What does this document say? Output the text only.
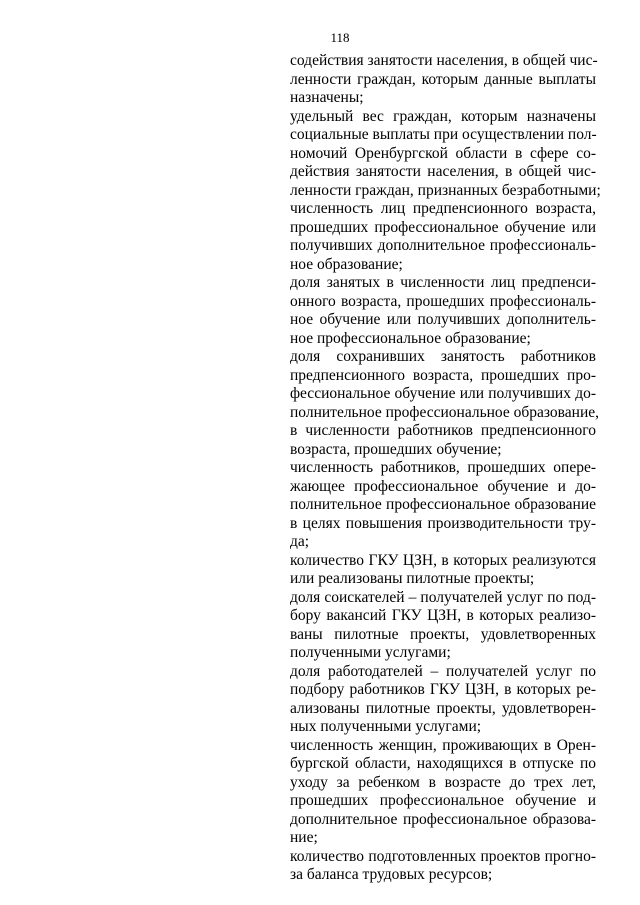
118
содействия занятости населения, в общей чис-
ленности граждан, которым данные выплаты
назначены;
удельный вес граждан, которым назначены
социальные выплаты при осуществлении пол-
номочий Оренбургской области в сфере со-
действия занятости населения, в общей чис-
ленности граждан, признанных безработными;
численность лиц предпенсионного возраста,
прошедших профессиональное обучение или
получивших дополнительное профессиональ-
ное образование;
доля занятых в численности лиц предпенси-
онного возраста, прошедших профессиональ-
ное обучение или получивших дополнитель-
ное профессиональное образование;
доля сохранивших занятость работников
предпенсионного возраста, прошедших про-
фессиональное обучение или получивших до-
полнительное профессиональное образование,
в численности работников предпенсионного
возраста, прошедших обучение;
численность работников, прошедших опере-
жающее профессиональное обучение и до-
полнительное профессиональное образование
в целях повышения производительности тру-
да;
количество ГКУ ЦЗН, в которых реализуются
или реализованы пилотные проекты;
доля соискателей – получателей услуг по под-
бору вакансий ГКУ ЦЗН, в которых реализо-
ваны пилотные проекты, удовлетворенных
полученными услугами;
доля работодателей – получателей услуг по
подбору работников ГКУ ЦЗН, в которых ре-
ализованы пилотные проекты, удовлетворен-
ных полученными услугами;
численность женщин, проживающих в Орен-
бургской области, находящихся в отпуске по
уходу за ребенком в возрасте до трех лет,
прошедших профессиональное обучение и
дополнительное профессиональное образова-
ние;
количество подготовленных проектов прогно-
за баланса трудовых ресурсов;
